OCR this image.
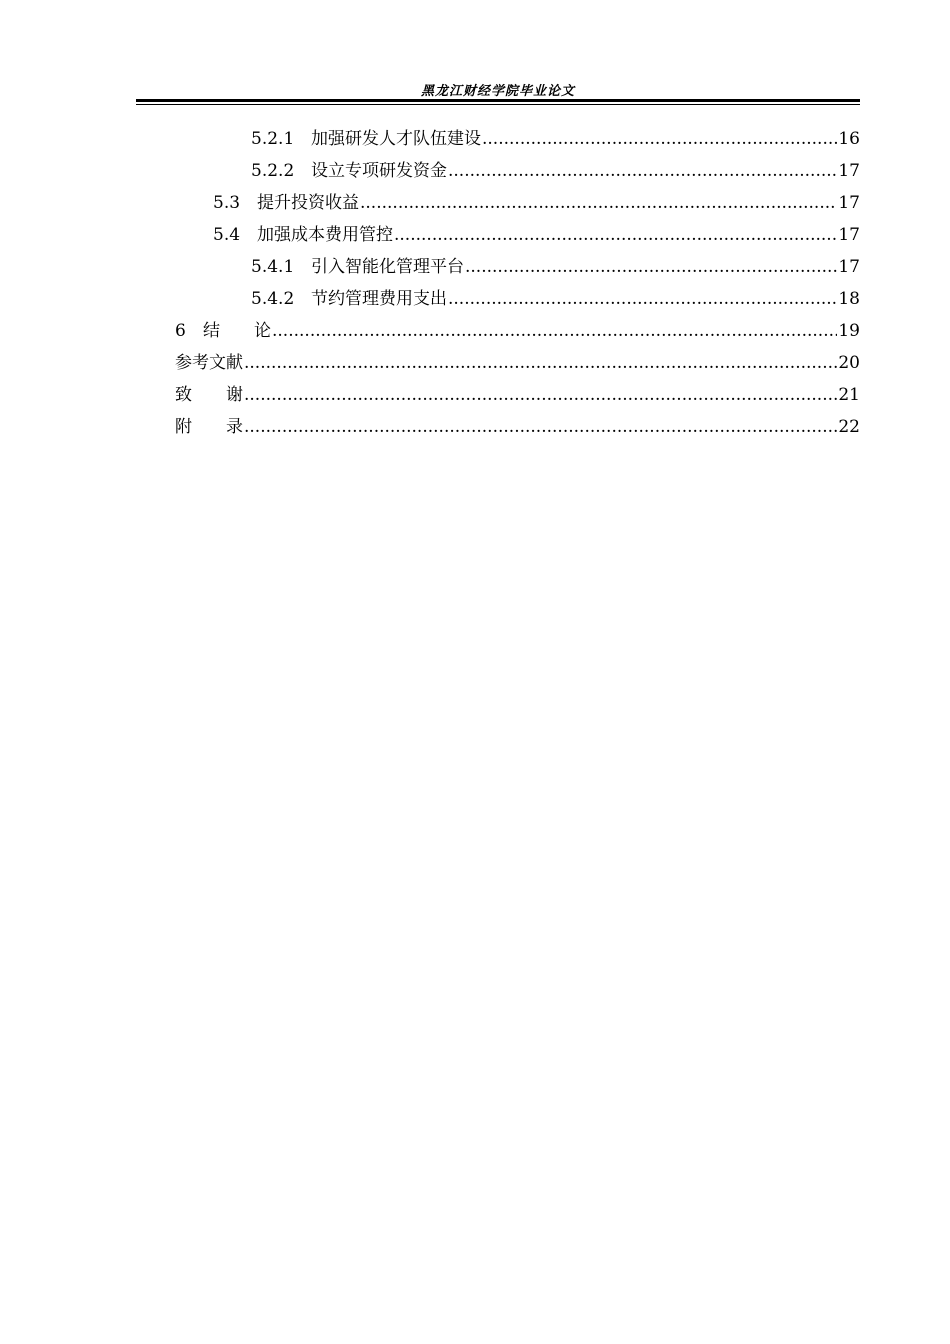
黑龙江财经学院毕业论文
5.2.1 加强研发人才队伍建设 .....	16
5.2.2 设立专项研发资金 .....	17
5.3 提升投资收益 .....	17
5.4 加强成本费用管控 .....	17
5.4.1 引入智能化管理平台 .....	17
5.4.2 节约管理费用支出 .....	18
6	结　　论 .....	19
参考文献 .....	20
致　　谢 .....	21
附　　录 .....	22
